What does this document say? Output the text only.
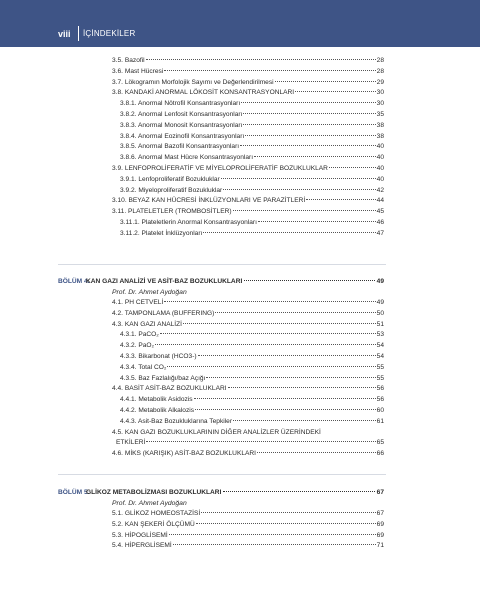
viii İÇİNDEKİLER
3.5. Bazofil	28
3.6. Mast Hücresi	28
3.7. Lökogramın Morfolojik Sayımı ve Değerlendirilmesi	29
3.8. KANDAKİ ANORMAL LÖKOSİT KONSANTRASYONLARI	30
3.8.1. Anormal Nötrofil Konsantrasyonları	30
3.8.2. Anormal Lenfosit Konsantrasyonları	35
3.8.3. Anormal Monosit Konsantrasyonları	38
3.8.4. Anormal Eozinofil Konsantrasyonları	38
3.8.5. Anormal Bazofil Konsantrasyonları	40
3.8.6. Anormal Mast Hücre Konsantrasyonları	40
3.9. LENFOPROLİFERATİF VE MİYELOPROLİFERATİF BOZUKLUKLAR	40
3.9.1. Lenfoproliferatif Bozukluklar	40
3.9.2. Miyeloproliferatif Bozukluklar	42
3.10. BEYAZ KAN HÜCRESİ İNKLÜZYONLARI VE PARAZİTLERİ	44
3.11. PLATELETLER (TROMBOSİTLER)	45
3.11.1. Plateletlerin Anormal Konsantrasyonları	46
3.11.2. Platelet İnklüzyonları	47
BÖLÜM 4.
KAN GAZI ANALİZİ VE ASİT-BAZ BOZUKLUKLARI	49
Prof. Dr. Ahmet Aydoğan
4.1. PH CETVELİ	49
4.2. TAMPONLAMA (BUFFERING)	50
4.3. KAN GAZI ANALİZİ	51
4.3.1. PaCO₂	53
4.3.2. PaO₂	54
4.3.3. Bikarbonat (HCO3-)	54
4.3.4. Total CO₂	55
4.3.5. Baz Fazlalığı/baz Açığı	55
4.4. BASİT ASİT-BAZ BOZUKLUKLARI	56
4.4.1. Metabolik Asidozis	56
4.4.2. Metabolik Alkalozis	60
4.4.3. Asit-Baz Bozukluklarına Tepkiler	61
4.5. KAN GAZI BOZUKLUKLARININ DİĞER ANALİZLER ÜZERİNDEKİ
ETKİLERİ	65
4.6. MİKS (KARIŞIK) ASİT-BAZ BOZUKLUKLARI	66
BÖLÜM 5.
GLİKOZ METABOLİZMASI BOZUKLUKLARI	67
Prof. Dr. Ahmet Aydoğan
5.1. GLİKOZ HOMEOSTAZİSİ	67
5.2. KAN ŞEKERİ ÖLÇÜMÜ	69
5.3. HİPOGLİSEMİ	69
5.4. HİPERGLİSEMİ	71
